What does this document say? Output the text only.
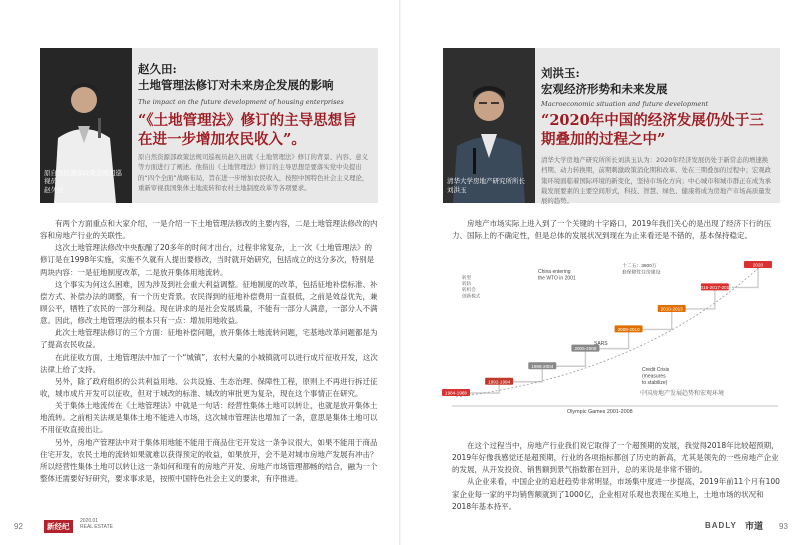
原自然资源部政策法规司巡视员
赵久田
赵久田:
土地管理法修订对未来房企发展的影响
The impact on the future development of housing enterprises
“《土地管理法》修订的主导思想旨在进一步增加农民收入”。
原自然资源部政策法规司巡视员赵久田就《土地管理法》修订的背景、内容、意义等方面进行了阐述。他指出《土地管理法》修订的主导思想是要落实党中央提出的“四个全面”战略布局，旨在进一步增加农民收入，按照中国特色社会主义理论，重新审视我国集体土地流转和农村土地制度改革等各项要求。

有两个方面重点和大家介绍，一是介绍一下土地管理法修改的主要内容，二是土地管理法修改的内容和房地产行业的关联性。

这次土地管理法修改中央酝酿了20多年的时间才出台，过程非常复杂，上一次《土地管理法》的修订是在1998年实施，实施不久就有人提出要修改，当时就开始研究，包括成立的这分多次，特别是两块内容：一是征地制度改革，二是放开集体用地流转。

这个事实为何这么困难，因为涉及到社会重大利益调整。征地制度的改革，包括征地补偿标准、补偿方式、补偿办法的调整，有一个历史背景。农民得到的征地补偿费用一直很低，之前是效益优先，兼顾公平，牺牲了农民的一部分利益。现在讲求的是社会发展质量，不能有一部分人满意，一部分人不满意。因此，修改土地管理法的根本只有一点：增加用地收益。

此次土地管理法修订的三个方面：征地补偿问题，放开集体土地流转问题，宅基地改革问题都是为了提高农民收益。

在此征收方面，土地管理法中加了一个“城镇”，农村大量的小城镇就可以进行成片征收开发，这次法律上给了支持。

另外，除了政府组织的公共利益用地、公共设施、生态治理、保障性工程，原则上不再进行拆迁征收，城市成片开发可以征收，但对于城改的标准、城改的审批更为复杂，现在这个事情正在研究。

关于集体土地流传在《土地管理法》中就是一句话：经营性集体土地可以转让，也就是放开集体土地流转。之前相关法规是集体土地不能进入市场，这次城市管理法也增加了一条，意思是集体土地可以不用征收直接出让。

另外，房地产管理法中对于集体用地能不能用于商品住宅开发这一条争议很大，如果不能用于商品住宅开发，农民土地的流转如果就难以获得预定的收益，如果放开，会不是对城市房地产发展有冲击？所以经营性集体土地可以转让这一条如何和现有的房地产开发、房地产市场管理都畅的结合，融为一个整体还需要好好研究，要求事求是，按照中国特色社会主义的要求，有序推进。

92	新经纪
2020.01
REAL ESTATE
清华大学房地产研究所所长
刘洪玉
刘洪玉:
宏观经济形势和未来发展
Macroeconomic situation and future development
“2020年中国的经济发展仍处于三期叠加的过程之中”
清华大学房地产研究所所长刘洪玉认为：2020年经济发展仍处于新常态的增速换档期、动力转换期，前期刺激政策消化期和改革、处在三期叠加的过程中；宏观政策环境面临着国际环境的新变化，坚持市场化方向；中心城市和城市群正在成为承载发展要素的主要空间形式，科技、智慧、绿色、健康将成为房地产市场高质量发展的趋势。

房地产市场实际上进入到了一个关键的十字路口，2019年我们关心的是出现了经济下行的压力、国际上的不确定性，但是总体的发展状况到现在为止来看还是不错的，基本保持稳定。

1984-1988
1992-1994
1998-2004
2005-2008
2009-2010
2010-2013
2015-2017-2019
2020
转型
转轨
转机会
创新模式
China entering
the WTO in 2001
十二五：3600万
套保障性住房建设
Credit Crisis
(measures
to stabilize)
SARS
Olympic Games 2001-2008
中国房地产发展趋势和宏观环境

在这个过程当中，房地产行业我们说它取得了一个超预期的发展，我觉得2018年比较超预期，2019年好像我感觉还是超预期，行业的各项指标都创了历史的新高，尤其是领先的一些房地产企业的发展，从开发投资、销售额到景气指数都在回升，总的来说是非常不错的。

从企业来看，中国企业的追赶趋势非常明显，市场集中度进一步提高，2019年前11个月有100家企业每一家的平均销售额就到了1000亿，企业相对乐观也表现在买地上，土地市场的状况和2018年基本持平。

BADLY 市道 93
